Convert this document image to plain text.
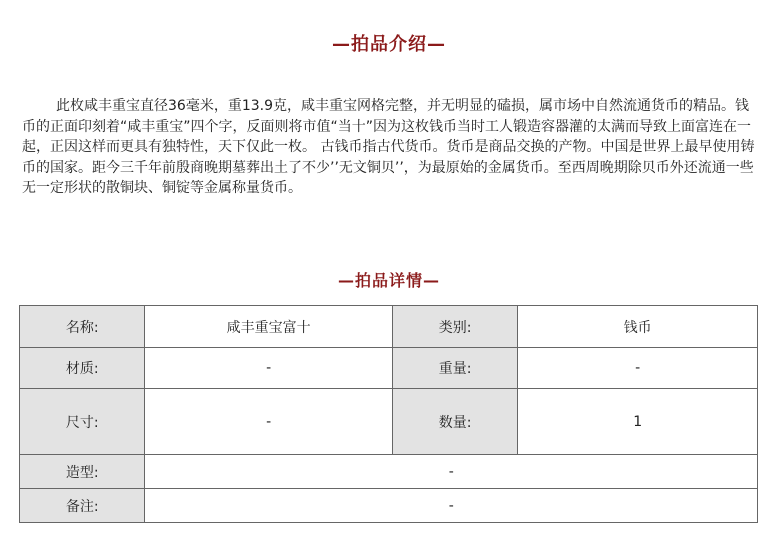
—拍品介绍—

此枚咸丰重宝直径36毫米，重13.9克，咸丰重宝网格完整，并无明显的磕损，属市场中自然流通货币的精品。钱币的正面印刻着“咸丰重宝”四个字，反面则将市值“当十”因为这枚钱币当时工人锻造容器灌的太满而导致上面富连在一起，正因这样而更具有独特性，天下仅此一枚。 古钱币指古代货币。货币是商品交换的产物。中国是世界上最早使用铸币的国家。距今三千年前殷商晚期墓葬出土了不少’’无文铜贝’’，为最原始的金属货币。至西周晚期除贝币外还流通一些无一定形状的散铜块、铜锭等金属称量货币。

—拍品详情—
名称:	咸丰重宝富十	类别:	钱币
材质:	-	重量:	-
尺寸:	-	数量:	1
造型:	-		
备注:	-		
